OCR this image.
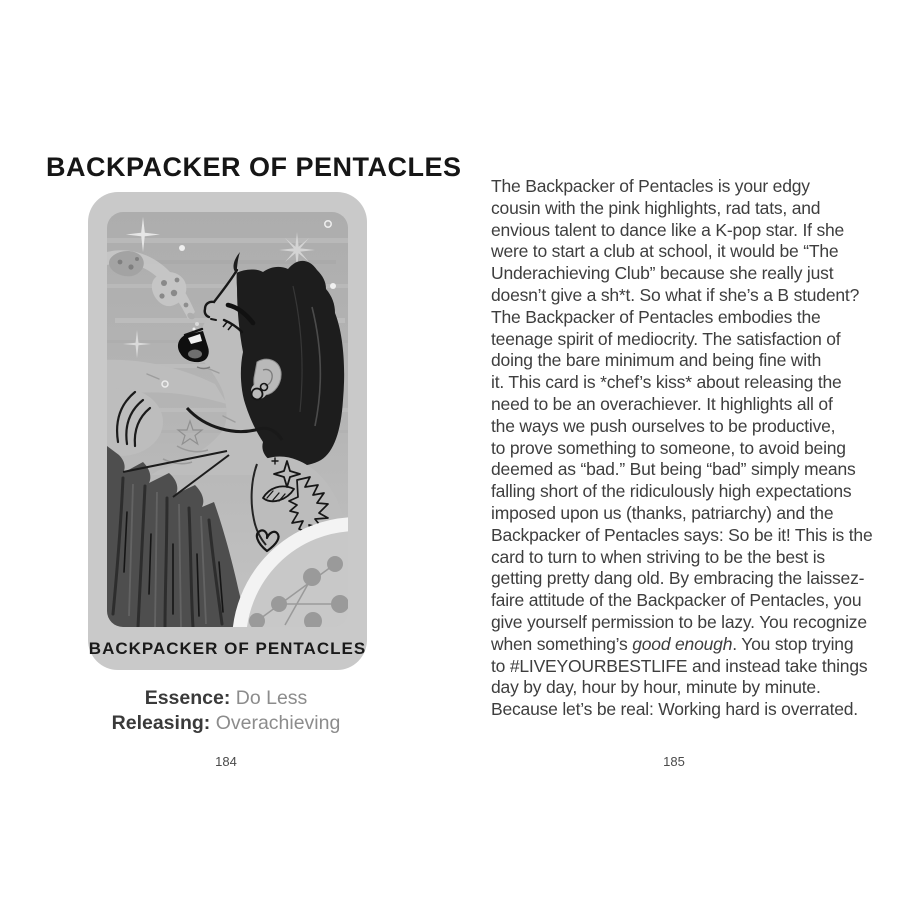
BACKPACKER OF PENTACLES
BACKPACKER OF PENTACLES
Essence: Do Less
Releasing: Overachieving
184
The Backpacker of Pentacles is your edgy
cousin with the pink highlights, rad tats, and
envious talent to dance like a K-pop star. If she
were to start a club at school, it would be “The
Underachieving Club” because she really just
doesn’t give a sh*t. So what if she’s a B student?
The Backpacker of Pentacles embodies the
teenage spirit of mediocrity. The satisfaction of
doing the bare minimum and being fine with
it. This card is *chef’s kiss* about releasing the
need to be an overachiever. It highlights all of
the ways we push ourselves to be productive,
to prove something to someone, to avoid being
deemed as “bad.” But being “bad” simply means
falling short of the ridiculously high expectations
imposed upon us (thanks, patriarchy) and the
Backpacker of Pentacles says: So be it! This is the
card to turn to when striving to be the best is
getting pretty dang old. By embracing the laissez-
faire attitude of the Backpacker of Pentacles, you
give yourself permission to be lazy. You recognize
when something’s good enough. You stop trying
to #LIVEYOURBESTLIFE and instead take things
day by day, hour by hour, minute by minute.
Because let’s be real: Working hard is overrated.
185
